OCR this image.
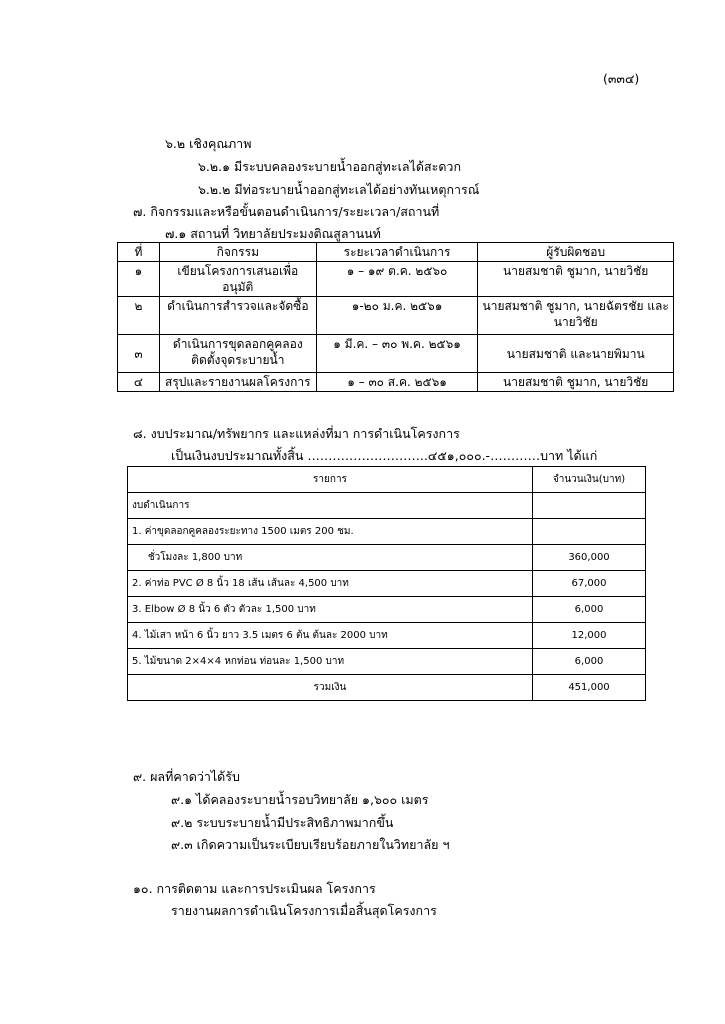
(๓๓๔)
๖.๒ เชิงคุณภาพ
๖.๒.๑ มีระบบคลองระบายน้ำออกสู่ทะเลได้สะดวก
๖.๒.๒ มีท่อระบายน้ำออกสู่ทะเลได้อย่างทันเหตุการณ์
๗. กิจกรรมและหรือขั้นตอนดำเนินการ/ระยะเวลา/สถานที่
๗.๑ สถานที่ วิทยาลัยประมงติณสูลานนท์
ที่	กิจกรรม	ระยะเวลาดำเนินการ	ผู้รับผิดชอบ
๑	เขียนโครงการเสนอเพื่ออนุมัติ	๑ – ๑๙ ต.ค. ๒๕๖๐	นายสมชาติ ชูมาก, นายวิชัย
๒	ดำเนินการสำรวจและจัดซื้อ	๑-๒๐ ม.ค. ๒๕๖๑	นายสมชาติ ชูมาก, นายฉัตรชัย และนายวิชัย
๓	ดำเนินการขุดลอกคูคลอง ติดตั้งจุดระบายน้ำ	๑ มี.ค. – ๓๐ พ.ค. ๒๕๖๑	นายสมชาติ และนายพิมาน
๔	สรุปและรายงานผลโครงการ	๑ – ๓๐ ส.ค. ๒๕๖๑	นายสมชาติ ชูมาก, นายวิชัย
๘. งบประมาณ/ทรัพยากร และแหล่งที่มา การดำเนินโครงการ
เป็นเงินงบประมาณทั้งสิ้น ………………………..๔๕๑,๐๐๐.-…………บาท ได้แก่
รายการ	จำนวนเงิน(บาท)
งบดำเนินการ	
1. ค่าขุดลอกคูคลองระยะทาง 1500 เมตร 200 ชม.	
ชั่วโมงละ 1,800 บาท	360,000
2. ค่าท่อ PVC Ø 8 นิ้ว 18 เส้น เส้นละ 4,500 บาท	67,000
3. Elbow Ø 8 นิ้ว 6 ตัว ตัวละ 1,500 บาท	6,000
4. ไม้เสา หน้า 6 นิ้ว ยาว 3.5 เมตร 6 ต้น ต้นละ 2000 บาท	12,000
5. ไม้ขนาด 2×4×4 หกท่อน ท่อนละ 1,500 บาท	6,000
รวมเงิน	451,000
๙. ผลที่คาดว่าได้รับ
๙.๑ ได้คลองระบายน้ำรอบวิทยาลัย ๑,๖๐๐ เมตร
๙.๒ ระบบระบายน้ำมีประสิทธิภาพมากขึ้น
๙.๓ เกิดความเป็นระเบียบเรียบร้อยภายในวิทยาลัย ฯ
๑๐. การติดตาม และการประเมินผล โครงการ
รายงานผลการดำเนินโครงการเมื่อสิ้นสุดโครงการ
